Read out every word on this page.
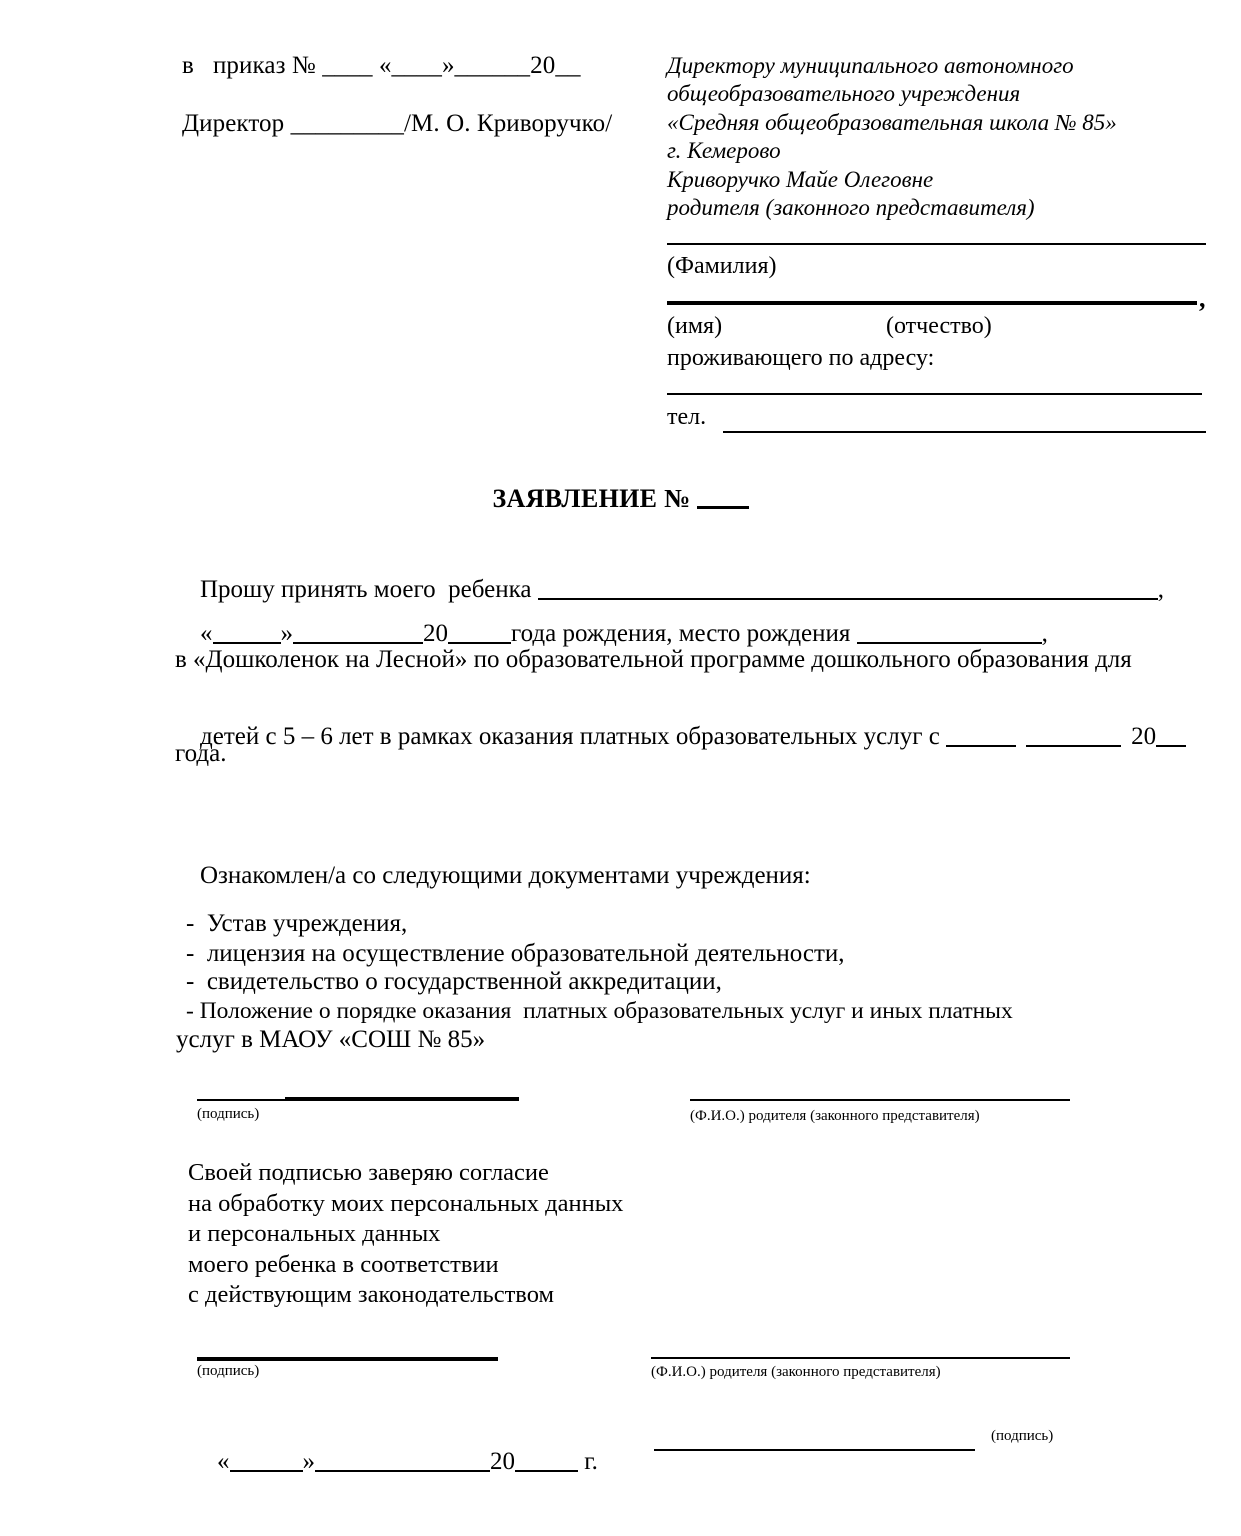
в   приказ № ____ «____»______20__
Директор _________/М. О. Криворучко/
Директору муниципального автономного
общеобразовательного учреждения
«Средняя общеобразовательная школа № 85»
г. Кемерово
Криворучко Майе Олеговне
родителя (законного представителя)
(Фамилия)
,
(имя)	(отчество)
проживающего по адресу:
тел.
ЗАЯВЛЕНИЕ №

Прошу принять моего  ребенка	,

«	»	20	года рождения, место рождения	,

в «Дошколенок на Лесной» по образовательной программе дошкольного образования для

детей с 5 – 6 лет в рамках оказания платных образовательных услуг с	20

года.
Ознакомлен/а со следующими документами учреждения:
-  Устав учреждения,
-  лицензия на осуществление образовательной деятельности,
-  свидетельство о государственной аккредитации,
- Положение о порядке оказания  платных образовательных услуг и иных платных
услуг в МАОУ «СОШ № 85»
(подпись)	(Ф.И.О.) родителя (законного представителя)
Своей подписью заверяю согласие
на обработку моих персональных данных
и персональных данных
моего ребенка в соответствии
с действующим законодательством
(подпись)	(Ф.И.О.) родителя (законного представителя)

«	»	20	г.

(подпись)
